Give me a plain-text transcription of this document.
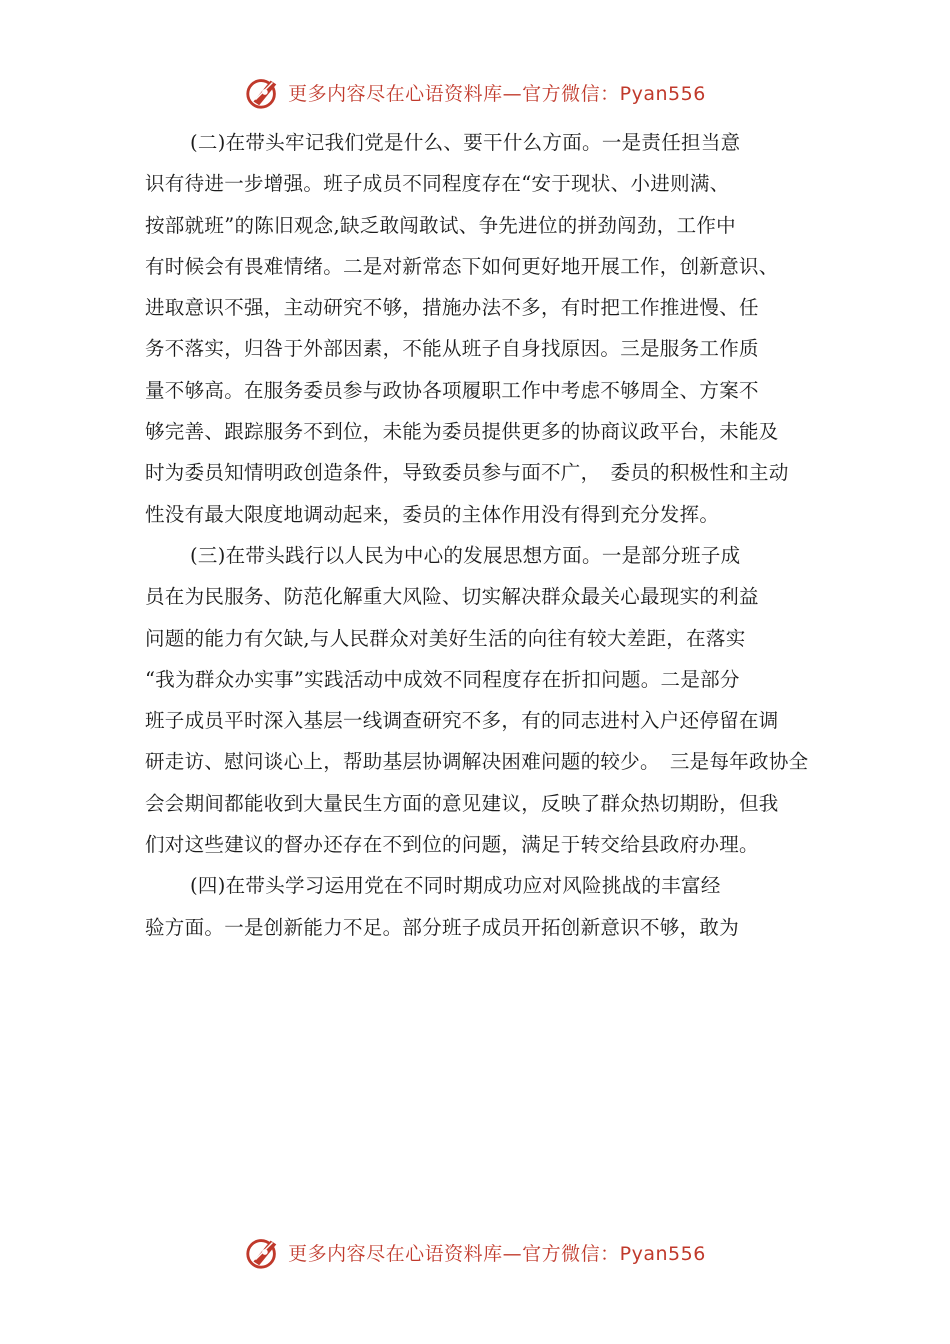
更多内容尽在心语资料库—官方微信：Pyan556
(二)在带头牢记我们党是什么、要干什么方面。一是责任担当意
识有待进一步增强。班子成员不同程度存在“安于现状、小进则满、
按部就班”的陈旧观念,缺乏敢闯敢试、争先进位的拼劲闯劲，工作中
有时候会有畏难情绪。二是对新常态下如何更好地开展工作，创新意识、
进取意识不强，主动研究不够，措施办法不多，有时把工作推进慢、任
务不落实，归咎于外部因素，不能从班子自身找原因。三是服务工作质
量不够高。在服务委员参与政协各项履职工作中考虑不够周全、方案不
够完善、跟踪服务不到位，未能为委员提供更多的协商议政平台，未能及
时为委员知情明政创造条件，导致委员参与面不广，　委员的积极性和主动
性没有最大限度地调动起来，委员的主体作用没有得到充分发挥。
(三)在带头践行以人民为中心的发展思想方面。一是部分班子成
员在为民服务、防范化解重大风险、切实解决群众最关心最现实的利益
问题的能力有欠缺,与人民群众对美好生活的向往有较大差距，在落实
“我为群众办实事”实践活动中成效不同程度存在折扣问题。二是部分
班子成员平时深入基层一线调查研究不多，有的同志进村入户还停留在调
研走访、慰问谈心上，帮助基层协调解决困难问题的较少。　三是每年政协全
会会期间都能收到大量民生方面的意见建议，反映了群众热切期盼，但我
们对这些建议的督办还存在不到位的问题，满足于转交给县政府办理。
(四)在带头学习运用党在不同时期成功应对风险挑战的丰富经
验方面。一是创新能力不足。部分班子成员开拓创新意识不够，敢为
更多内容尽在心语资料库—官方微信：Pyan556
